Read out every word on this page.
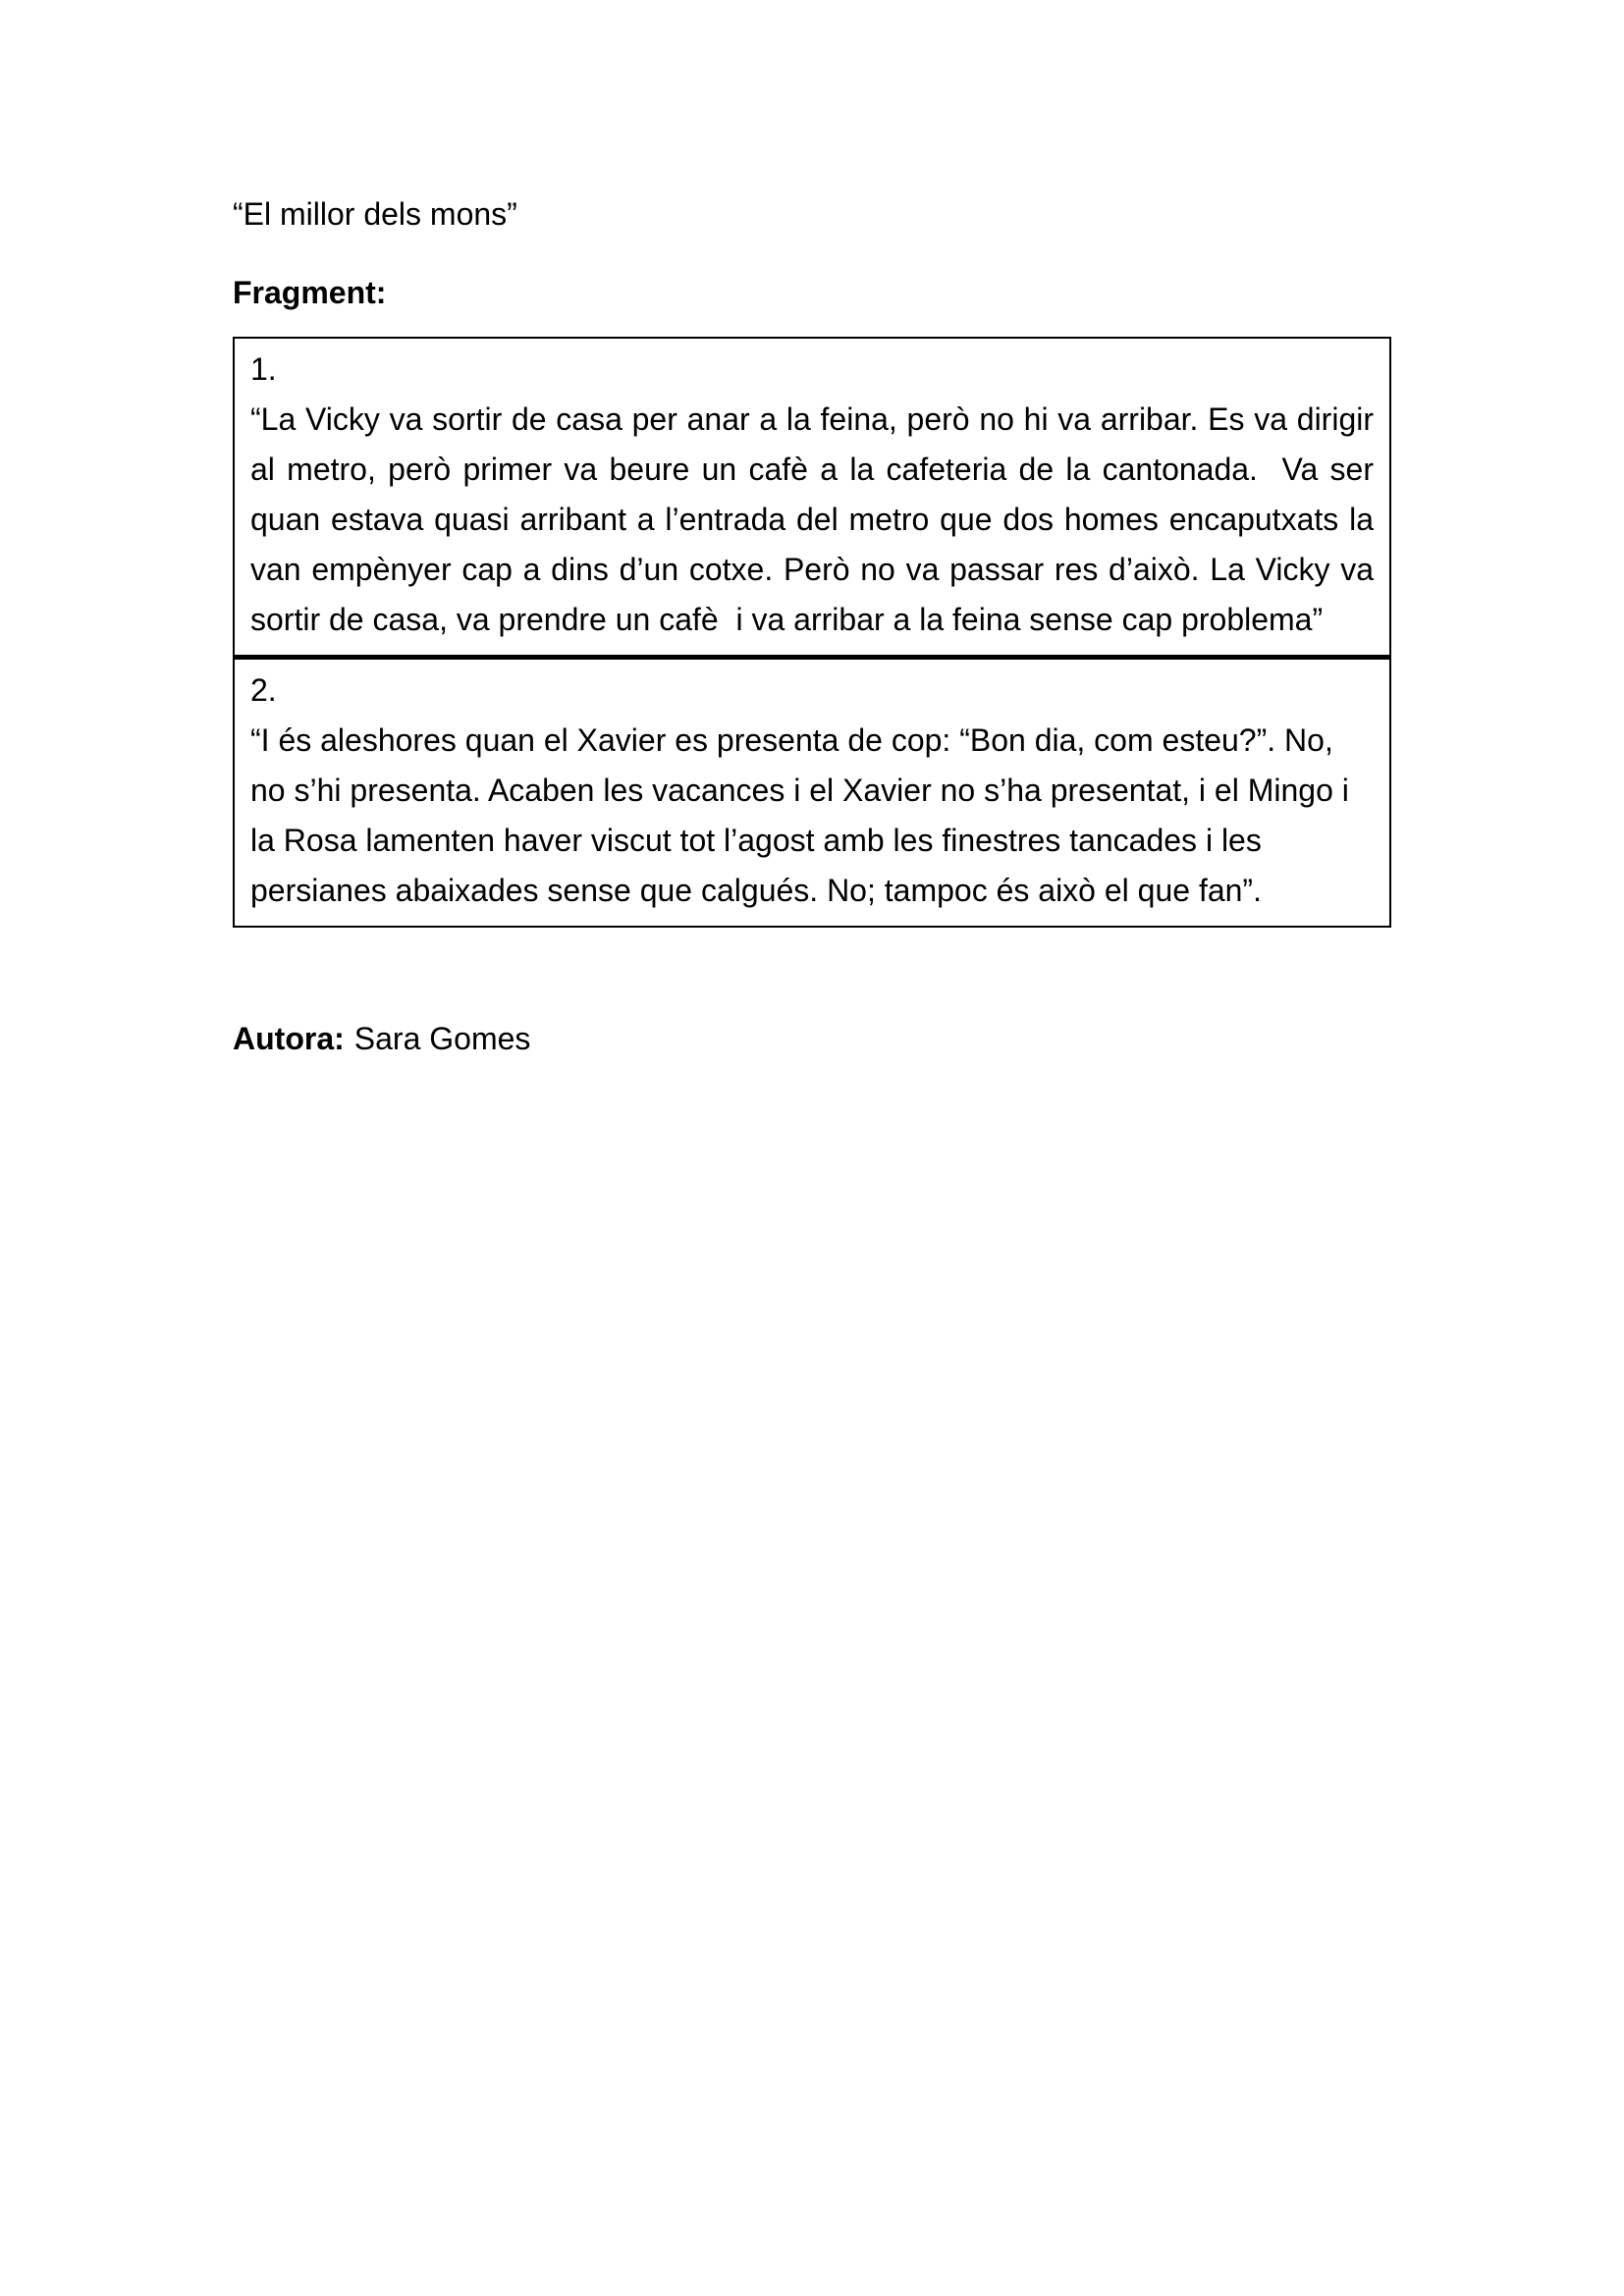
“El millor dels mons”
Fragment:
1.

“La Vicky va sortir de casa per anar a la feina, però no hi va arribar. Es va dirigir al metro, però primer va beure un cafè a la cafeteria de la cantonada.  Va ser quan estava quasi arribant a l’entrada del metro que dos homes encaputxats la van empènyer cap a dins d’un cotxe. Però no va passar res d’això. La Vicky va sortir de casa, va prendre un cafè  i va arribar a la feina sense cap problema”

2.

“I és aleshores quan el Xavier es presenta de cop: “Bon dia, com esteu?”. No, no s’hi presenta. Acaben les vacances i el Xavier no s’ha presentat, i el Mingo i la Rosa lamenten haver viscut tot l’agost amb les finestres tancades i les persianes abaixades sense que calgués. No; tampoc és això el que fan”.

Autora: Sara Gomes
